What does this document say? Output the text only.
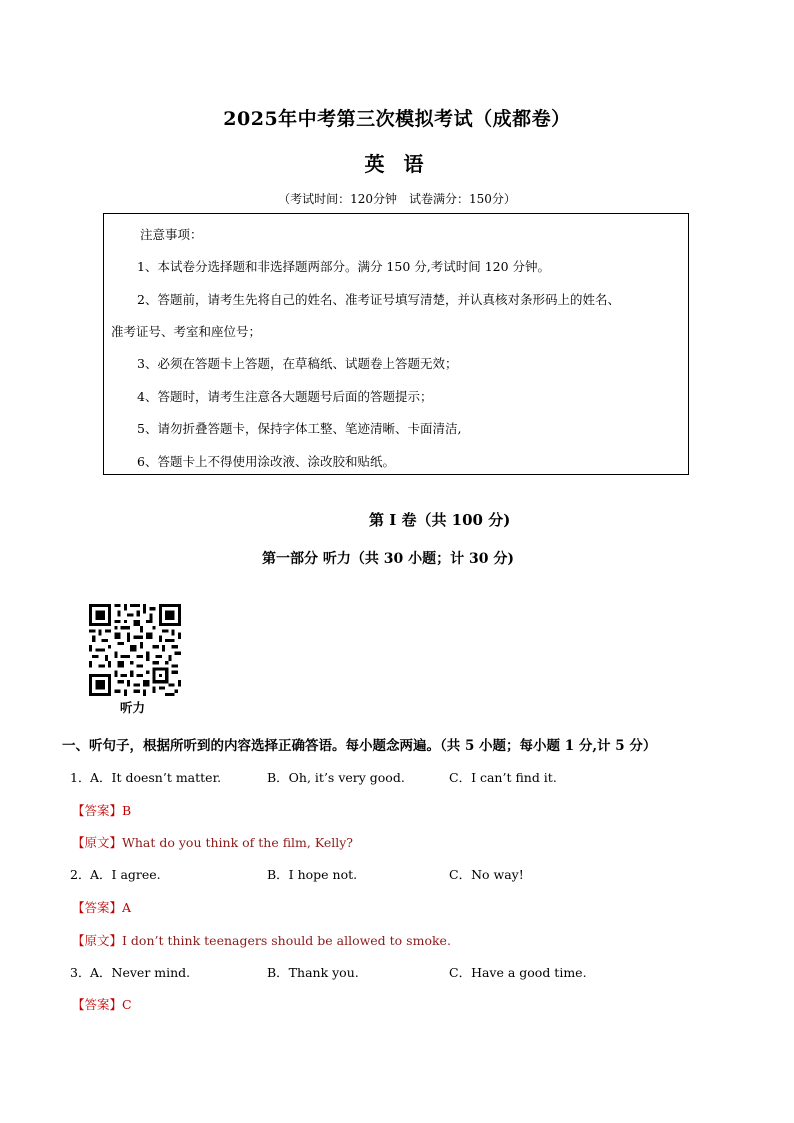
2025年中考第三次模拟考试（成都卷）
英 语
（考试时间：120分钟　试卷满分：150分）
注意事项：
1、本试卷分选择题和非选择题两部分。满分 150 分,考试时间 120 分钟。
2、答题前，请考生先将自己的姓名、准考证号填写清楚，并认真核对条形码上的姓名、
准考证号、考室和座位号；
3、必须在答题卡上答题，在草稿纸、试题卷上答题无效；
4、答题时，请考生注意各大题题号后面的答题提示；
5、请勿折叠答题卡，保持字体工整、笔迹清晰、卡面清洁,
6、答题卡上不得使用涂改液、涂改胶和贴纸。
第 I 卷（共 100 分)
第一部分 听力（共 30 小题；计 30 分)
听力
一、听句子，根据所听到的内容选择正确答语。每小题念两遍。（共 5 小题；每小题 1 分,计 5 分）
1． A．It doesn’t matter.	B．Oh, it’s very good.	C．I can’t find it.
【答案】B
【原文】What do you think of the film, Kelly?
2． A．I agree.	B．I hope not.	C．No way!
【答案】A
【原文】I don’t think teenagers should be allowed to smoke.
3． A．Never mind.	B．Thank you.	C．Have a good time.
【答案】C
